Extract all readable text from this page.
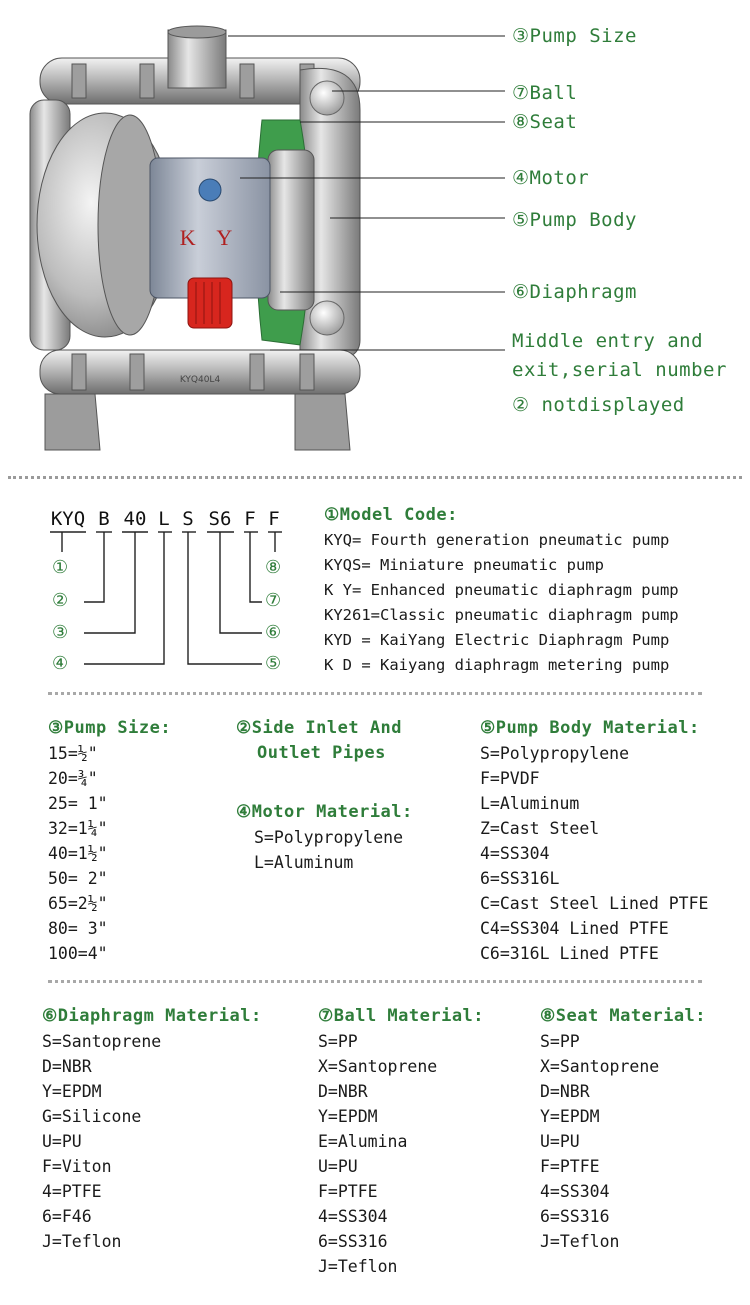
K Y
KYQ40L4
③Pump Size
⑦Ball
⑧Seat
④Motor
⑤Pump Body
⑥Diaphragm
Middle entry and
exit,serial number
② notdisplayed
KYQ B 40 L S S6 F F
①
②
③
④	⑤
⑥
⑦
⑧
①Model Code:
KYQ= Fourth generation pneumatic pump
KYQS= Miniature pneumatic pump
K Y= Enhanced pneumatic diaphragm pump
KY261=Classic pneumatic diaphragm pump
KYD = KaiYang Electric Diaphragm Pump
K D = Kaiyang diaphragm metering pump
③Pump Size:
15=½"
20=¾"
25= 1"
32=1¼"
40=1½"
50= 2"
65=2½"
80= 3"
100=4"
②Side Inlet And
Outlet Pipes
④Motor Material:
S=Polypropylene
L=Aluminum
⑤Pump Body Material:
S=Polypropylene
F=PVDF
L=Aluminum
Z=Cast Steel
4=SS304
6=SS316L
C=Cast Steel Lined PTFE
C4=SS304 Lined PTFE
C6=316L Lined PTFE
⑥Diaphragm Material:
S=Santoprene
D=NBR
Y=EPDM
G=Silicone
U=PU
F=Viton
4=PTFE
6=F46
J=Teflon
⑦Ball Material:
S=PP
X=Santoprene
D=NBR
Y=EPDM
E=Alumina
U=PU
F=PTFE
4=SS304
6=SS316
J=Teflon
⑧Seat Material:
S=PP
X=Santoprene
D=NBR
Y=EPDM
U=PU
F=PTFE
4=SS304
6=SS316
J=Teflon
